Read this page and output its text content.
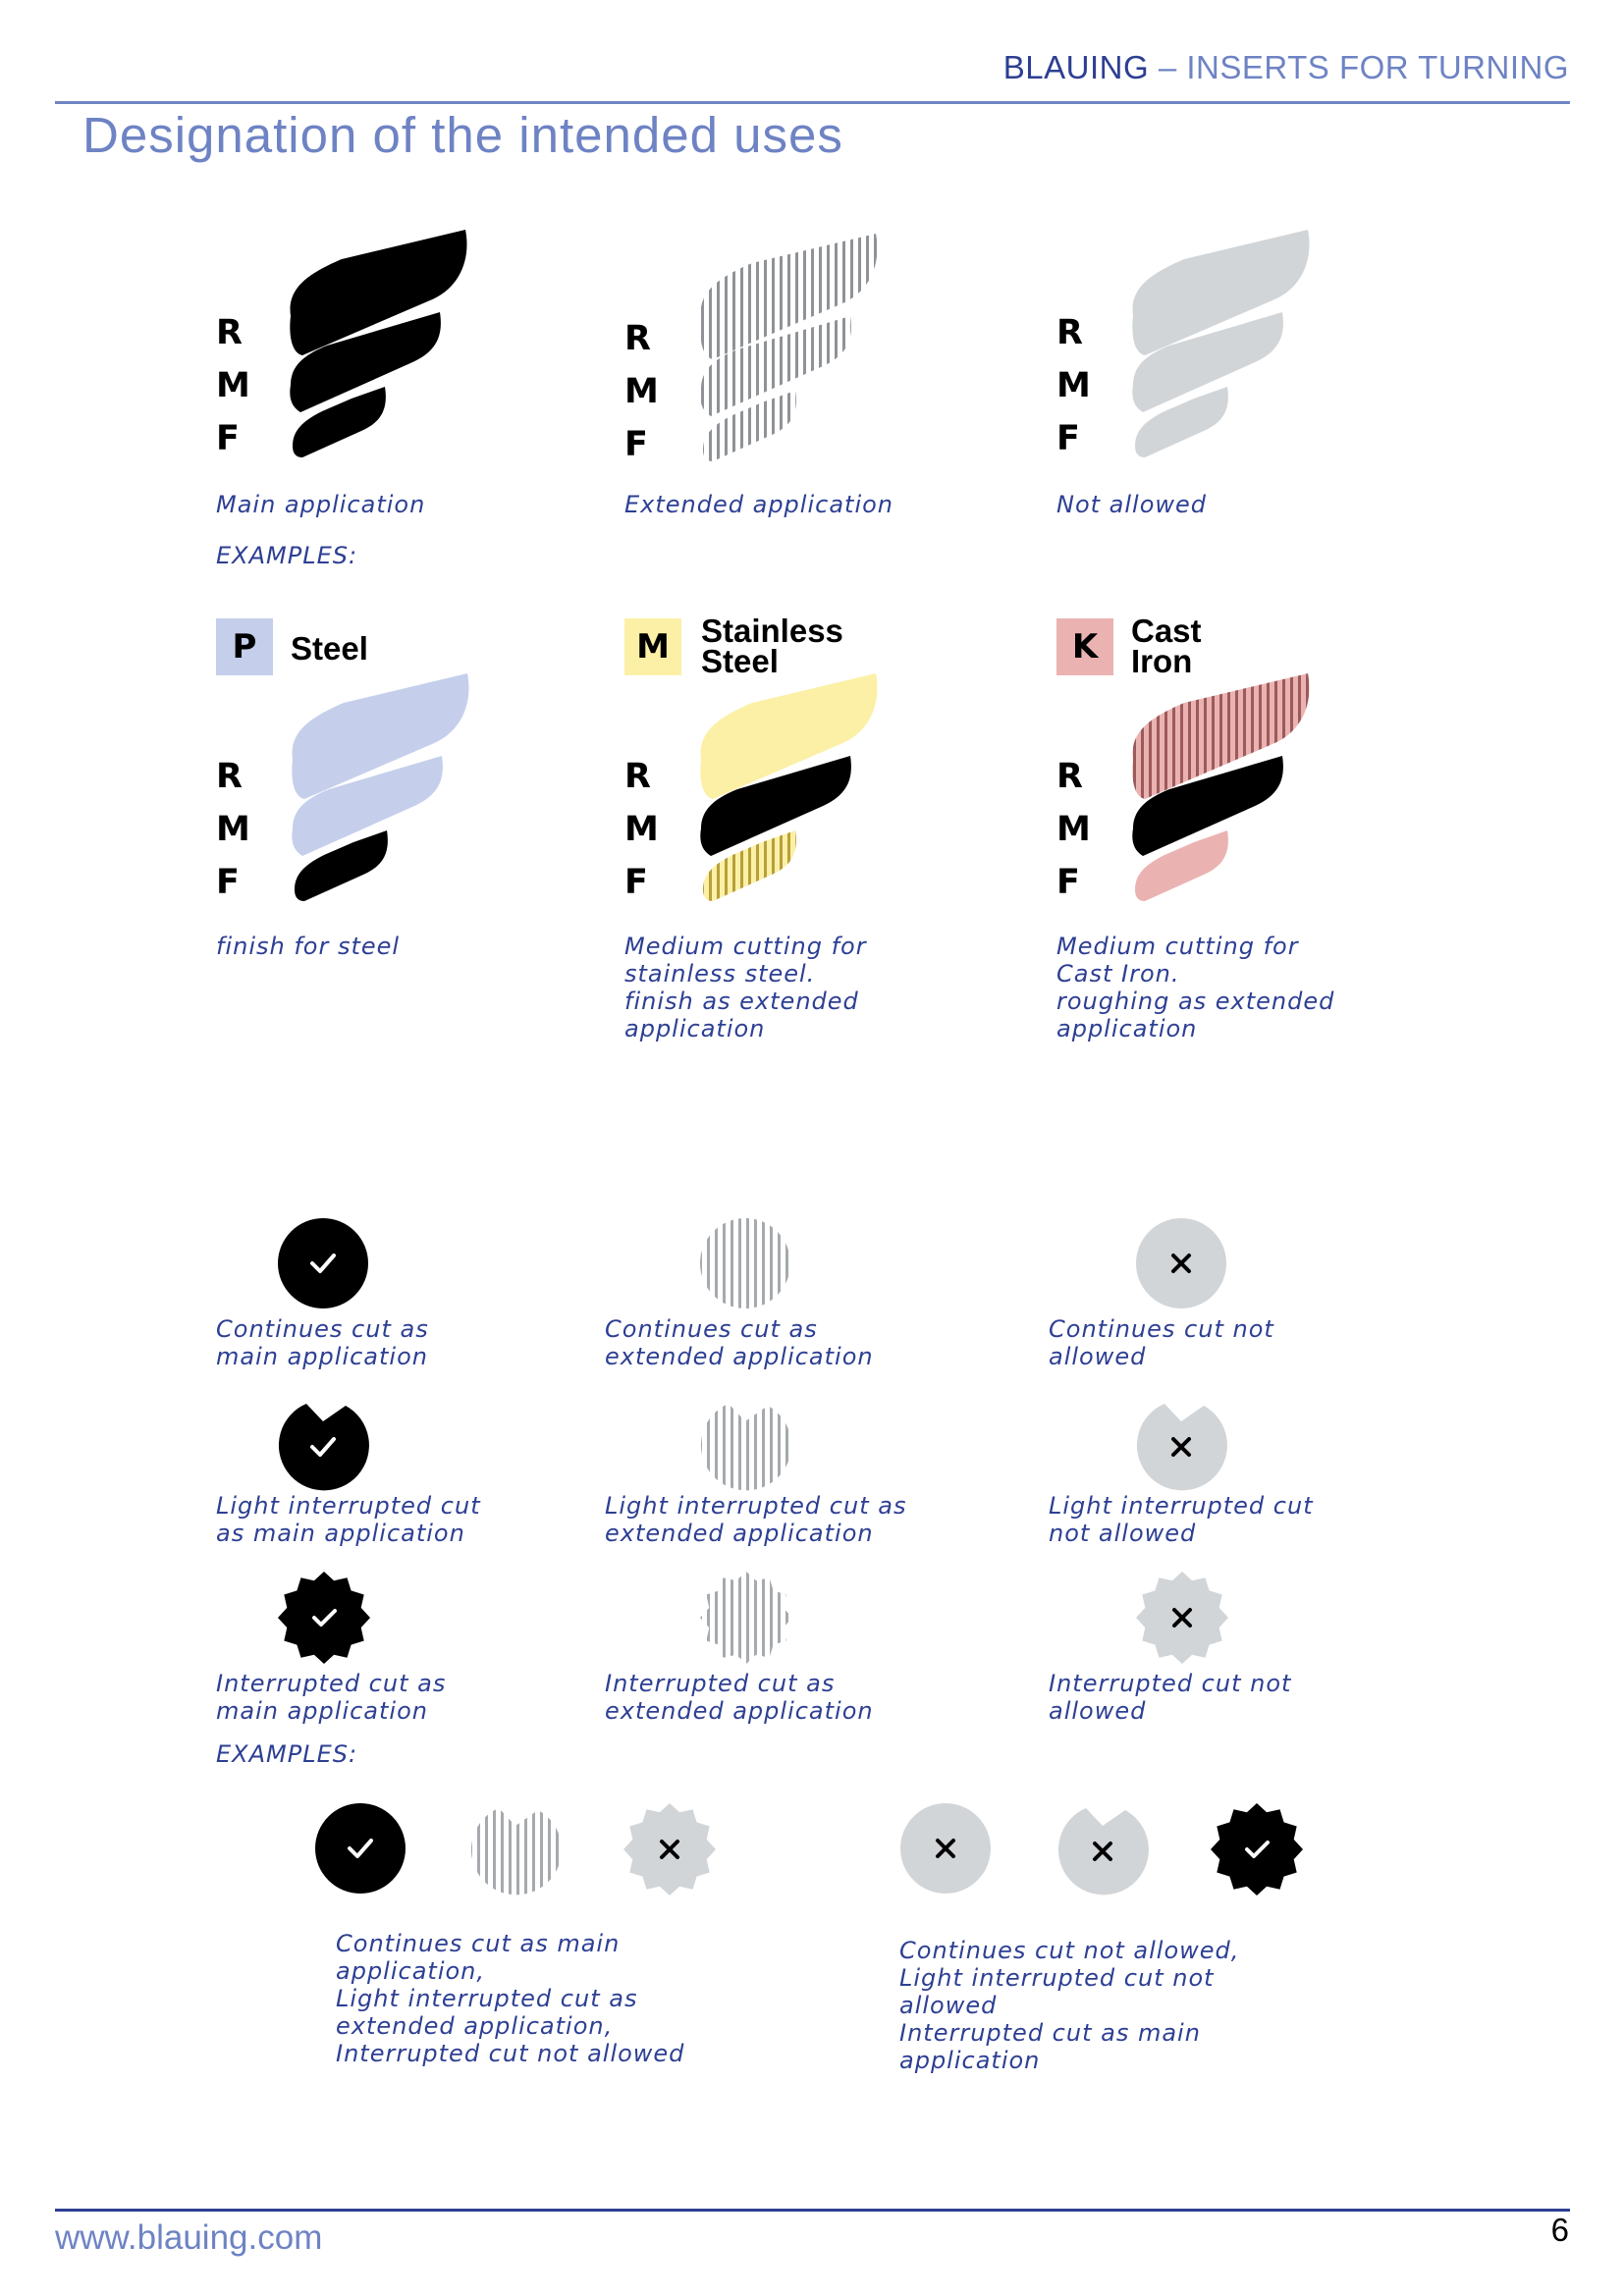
BLAUING – INSERTS FOR TURNING
Designation of the intended uses
R
M
F
Main application
R
M
F
Extended application
R
M
F
Not allowed
EXAMPLES:
P	Steel
R
M
F
finish for steel
M Stainless
Steel
R
M
F
Medium cutting for
stainless steel.
finish as extended
application
K	Cast
Iron
R
M
F
Medium cutting for
Cast Iron.
roughing as extended
application
Continues cut as
main application
Continues cut as
extended application
Continues cut not
allowed
Light interrupted cut
as main application
Light interrupted cut as
extended application
Light interrupted cut
not allowed
Interrupted cut as
main application
Interrupted cut as
extended application
Interrupted cut not
allowed
EXAMPLES:
Continues cut as main
application,
Light interrupted cut as
extended application,
Interrupted cut not allowed
Continues cut not allowed,
Light interrupted cut not
allowed
Interrupted cut as main
application
www.blauing.com	6
